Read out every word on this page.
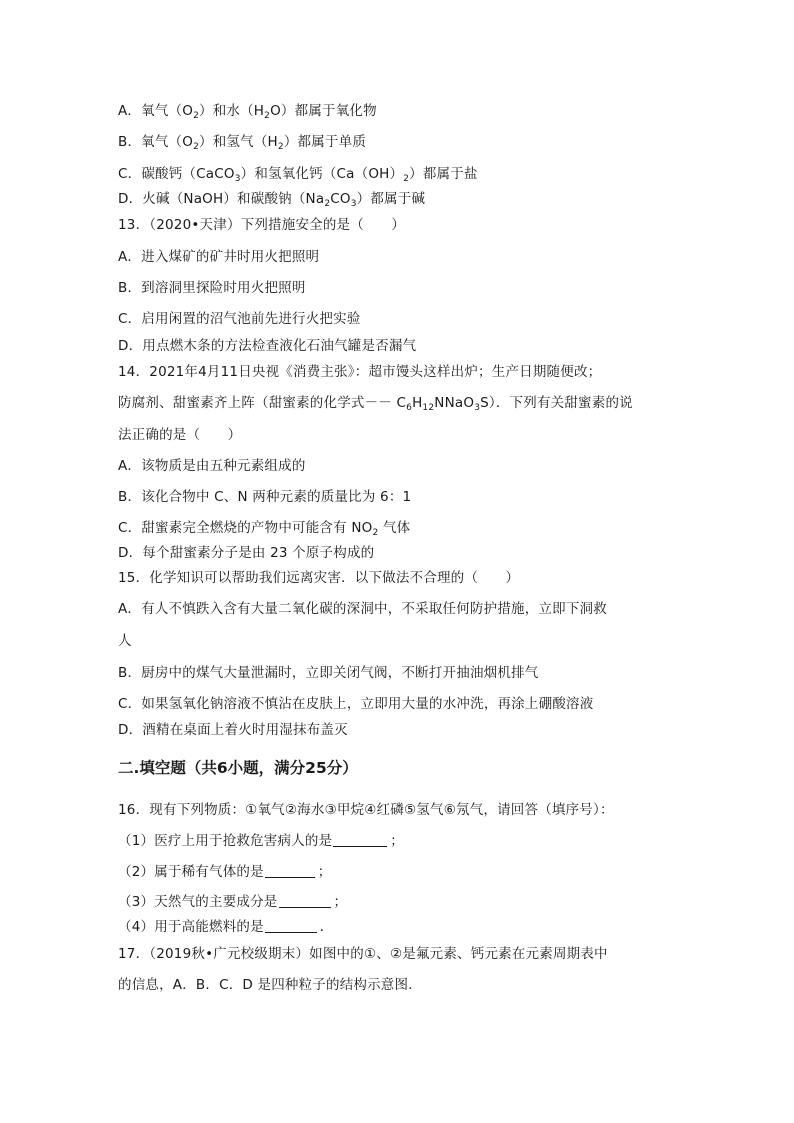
A．氧气$(O_2)$和水$(H_2O)$都属于氧化物
B．氧气$(O_2)$和氢气$(H_2)$都属于单质
C．碳酸钙（CaCO$_3$）和氢氧化钙$(Ca(OH)_2)$都属于盐
D．火碱（NaOH）和碳酸钠$(Na_2CO_3)$都属于碱
13．（2020•天津）下列措施安全的是（　　）
A．进入煤矿的矿井时用火把照明
B．到溶洞里探险时用火把照明
C．启用闲置的沼气池前先进行火把实验
D．用点燃木条的方法检查液化石油气罐是否漏气
14．2021年4月11日央视《消费主张》：超市馒头这样出炉；生产日期随便改；
防腐剂、甜蜜素齐上阵（甜蜜素的化学式－－ $C_6H_{12}NNaO_3S$）．下列有关甜蜜素的说
法正确的是（　　）
A．该物质是由五种元素组成的
B．该化合物中 C、N 两种元素的质量比为 6：1
C．甜蜜素完全燃烧的产物中可能含有 $NO_2$ 气体
D．每个甜蜜素分子是由 23 个原子构成的
15．化学知识可以帮助我们远离灾害．以下做法不合理的（　　）
A．有人不慎跌入含有大量二氧化碳的深洞中，不采取任何防护措施，立即下洞救
人
B．厨房中的煤气大量泄漏时，立即关闭气阀，不断打开抽油烟机排气
C．如果氢氧化钠溶液不慎沾在皮肤上，立即用大量的水冲洗，再涂上硼酸溶液
D．酒精在桌面上着火时用湿抹布盖灭
二.填空题（共6小题，满分25分）
16．现有下列物质：①氧气②海水③甲烷④红磷⑤氢气⑥氖气，请回答（填序号）：
（1）医疗上用于抢救危害病人的是	；
（2）属于稀有气体的是	；
（3）天然气的主要成分是	；
（4）用于高能燃料的是	．
17．（2019秋•广元校级期末）如图中的①、②是氟元素、钙元素在元素周期表中
的信息，A．B．C．D 是四种粒子的结构示意图．
